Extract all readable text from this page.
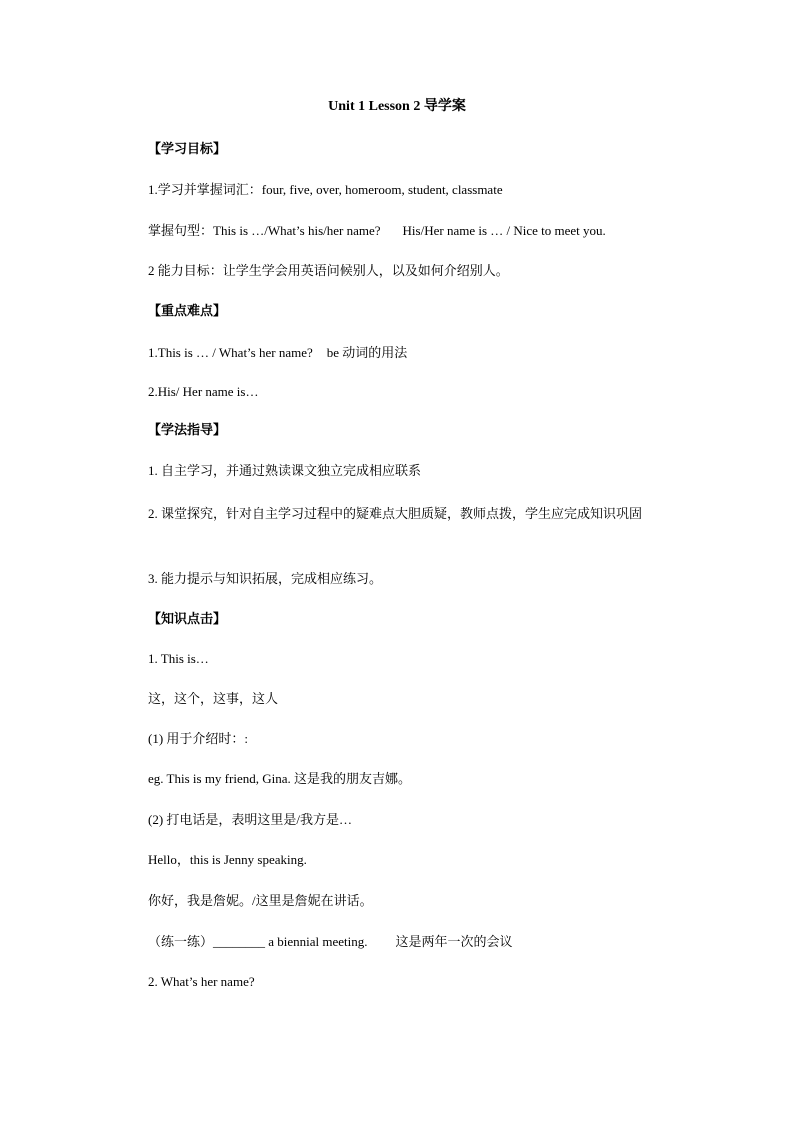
Unit 1 Lesson 2 导学案
【学习目标】
1.学习并掌握词汇：four, five, over, homeroom, student, classmate
掌握句型：This is …/What’s his/her name? His/Her name is … / Nice to meet you.
2 能力目标：让学生学会用英语问候别人，以及如何介绍别人。
【重点难点】
1.This is … / What’s her name? be 动词的用法
2.His/ Her name is…
【学法指导】
1. 自主学习，并通过熟读课文独立完成相应联系
2. 课堂探究，针对自主学习过程中的疑难点大胆质疑，教师点拨，学生应完成知识巩固
3. 能力提示与知识拓展，完成相应练习。
【知识点击】
1. This is…
这，这个，这事，这人
(1) 用于介绍时：:
eg. This is my friend, Gina. 这是我的朋友吉娜。
(2) 打电话是，表明这里是/我方是…
Hello，this is Jenny speaking.
你好，我是詹妮。/这里是詹妮在讲话。
（练一练）________ a biennial meeting. 这是两年一次的会议
2. What’s her name?
